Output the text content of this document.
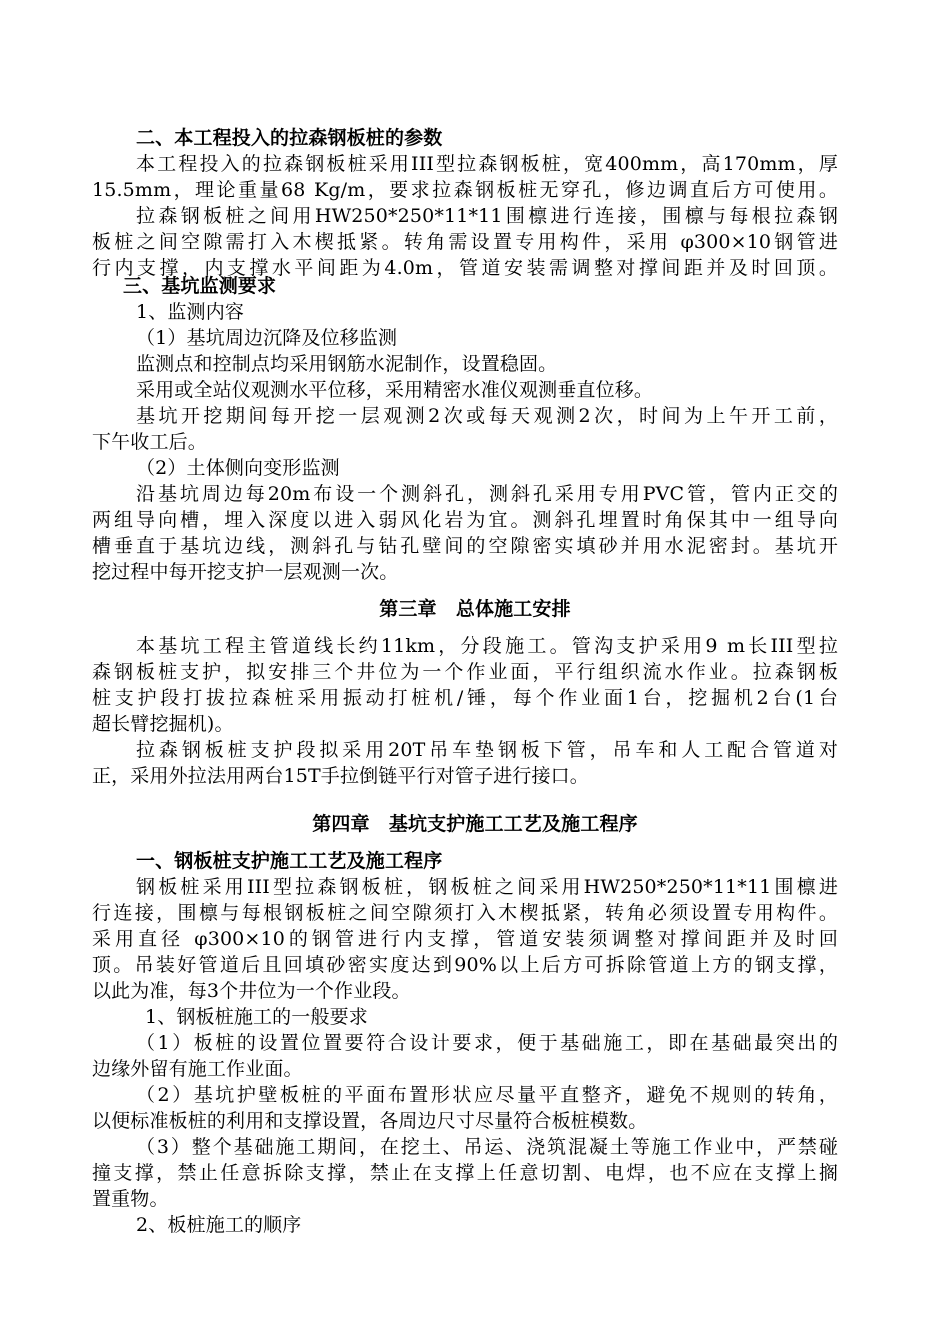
二、本工程投入的拉森钢板桩的参数
本工程投入的拉森钢板桩采用III型拉森钢板桩，宽400mm，高170mm，厚
15.5mm，理论重量68 Kg/m，要求拉森钢板桩无穿孔，修边调直后方可使用。
拉森钢板桩之间用HW250*250*11*11围檩进行连接，围檩与每根拉森钢
板桩之间空隙需打入木楔抵紧。转角需设置专用构件，采用 φ300×10钢管进
行内支撑，内支撑水平间距为4.0m，管道安装需调整对撑间距并及时回顶。
三、基坑监测要求
1、监测内容
（1）基坑周边沉降及位移监测
监测点和控制点均采用钢筋水泥制作，设置稳固。
采用或全站仪观测水平位移，采用精密水准仪观测垂直位移。
基坑开挖期间每开挖一层观测2次或每天观测2次，时间为上午开工前，
下午收工后。
（2）土体侧向变形监测
沿基坑周边每20m布设一个测斜孔，测斜孔采用专用PVC管，管内正交的
两组导向槽，埋入深度以进入弱风化岩为宜。测斜孔埋置时角保其中一组导向
槽垂直于基坑边线，测斜孔与钻孔壁间的空隙密实填砂并用水泥密封。基坑开
挖过程中每开挖支护一层观测一次。
第三章　总体施工安排
本基坑工程主管道线长约11km，分段施工。管沟支护采用9 m长III型拉
森钢板桩支护，拟安排三个井位为一个作业面，平行组织流水作业。拉森钢板
桩支护段打拔拉森桩采用振动打桩机/锤，每个作业面1台，挖掘机2台(1台
超长臂挖掘机)。
拉森钢板桩支护段拟采用20T吊车垫钢板下管，吊车和人工配合管道对
正，采用外拉法用两台15T手拉倒链平行对管子进行接口。
第四章　基坑支护施工工艺及施工程序
一、钢板桩支护施工工艺及施工程序
钢板桩采用III型拉森钢板桩，钢板桩之间采用HW250*250*11*11围檩进
行连接，围檩与每根钢板桩之间空隙须打入木楔抵紧，转角必须设置专用构件。
采用直径 φ300×10的钢管进行内支撑，管道安装须调整对撑间距并及时回
顶。吊装好管道后且回填砂密实度达到90%以上后方可拆除管道上方的钢支撑，
以此为准，每3个井位为一个作业段。
1、钢板桩施工的一般要求
（1）板桩的设置位置要符合设计要求，便于基础施工，即在基础最突出的
边缘外留有施工作业面。
（2）基坑护壁板桩的平面布置形状应尽量平直整齐，避免不规则的转角，
以便标准板桩的利用和支撑设置，各周边尺寸尽量符合板桩模数。
（3）整个基础施工期间，在挖土、吊运、浇筑混凝土等施工作业中，严禁碰
撞支撑，禁止任意拆除支撑，禁止在支撑上任意切割、电焊，也不应在支撑上搁
置重物。
2、板桩施工的顺序
